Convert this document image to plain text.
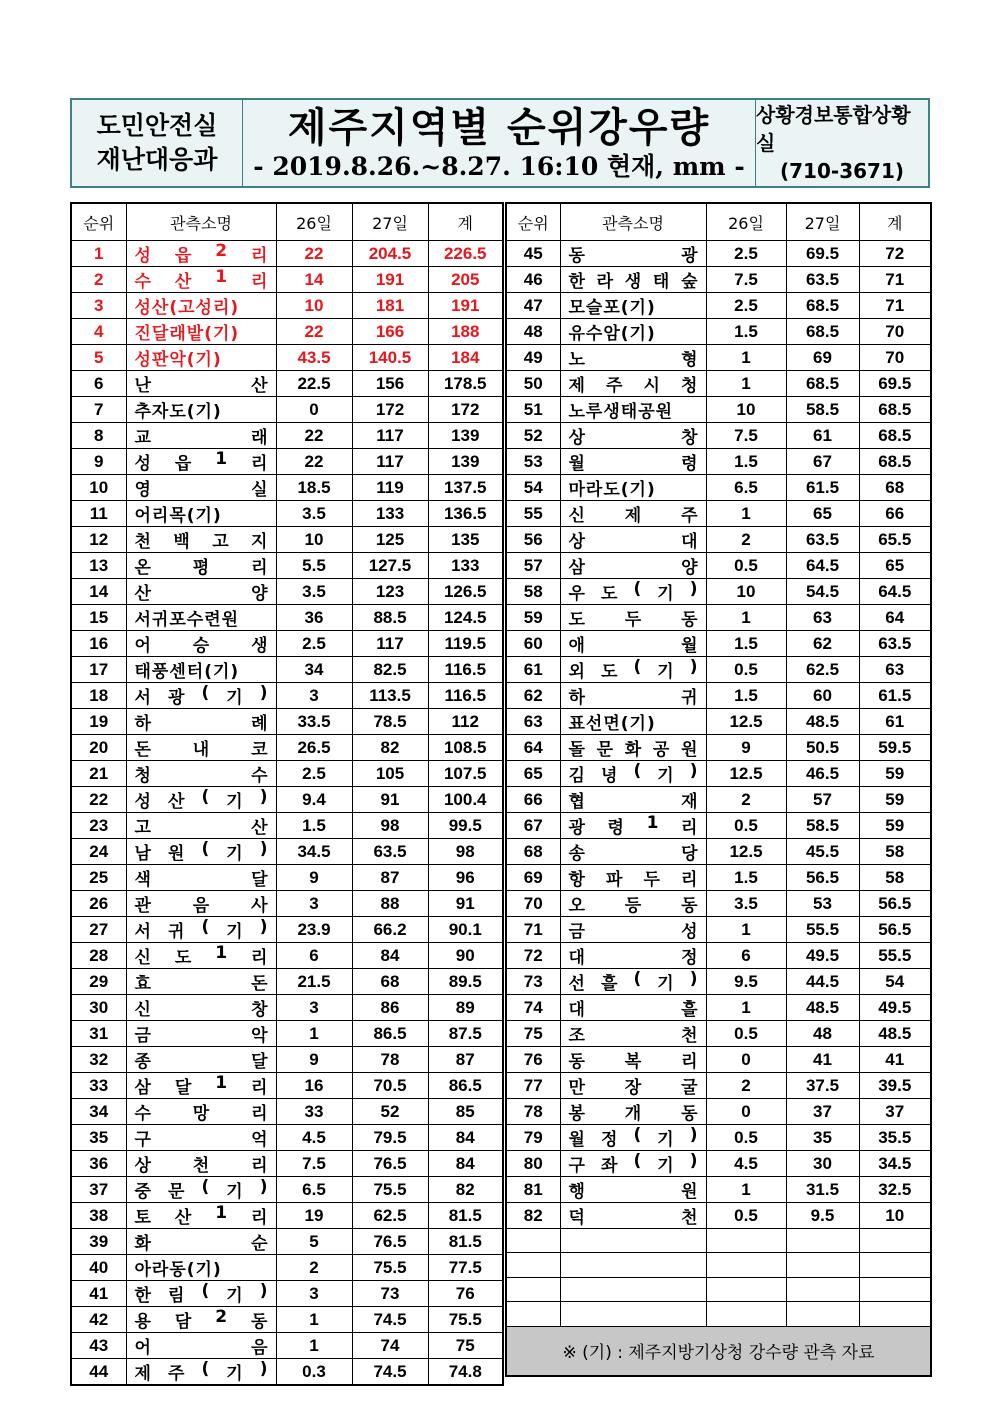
도민안전실
재난대응과
제주지역별 순위강우량
- 2019.8.26.~8.27. 16:10 현재, mm -
상황경보통합상황실
(710-3671)
순위	관측소명	26일	27일	계
1	성 읍 2 리	22	204.5	226.5
2	수 산 1 리	14	191	205
3	성산(고성리)	10	181	191
4	진달래밭(기)	22	166	188
5	성판악(기)	43.5	140.5	184
6	난 산	22.5	156	178.5
7	추자도(기)	0	172	172
8	교 래	22	117	139
9	성 읍 1 리	22	117	139
10	영 실	18.5	119	137.5
11	어리목(기)	3.5	133	136.5
12	천 백 고 지	10	125	135
13	온 평 리	5.5	127.5	133
14	산 양	3.5	123	126.5
15	서귀포수련원	36	88.5	124.5
16	어 승 생	2.5	117	119.5
17	태풍센터(기)	34	82.5	116.5
18	서 광 ( 기 )	3	113.5	116.5
19	하 례	33.5	78.5	112
20	돈 내 코	26.5	82	108.5
21	청 수	2.5	105	107.5
22	성 산 ( 기 )	9.4	91	100.4
23	고 산	1.5	98	99.5
24	남 원 ( 기 )	34.5	63.5	98
25	색 달	9	87	96
26	관 음 사	3	88	91
27	서 귀 ( 기 )	23.9	66.2	90.1
28	신 도 1 리	6	84	90
29	효 돈	21.5	68	89.5
30	신 창	3	86	89
31	금 악	1	86.5	87.5
32	종 달	9	78	87
33	삼 달 1 리	16	70.5	86.5
34	수 망 리	33	52	85
35	구 억	4.5	79.5	84
36	상 천 리	7.5	76.5	84
37	중 문 ( 기 )	6.5	75.5	82
38	토 산 1 리	19	62.5	81.5
39	화 순	5	76.5	81.5
40	아라동(기)	2	75.5	77.5
41	한 림 ( 기 )	3	73	76
42	용 담 2 동	1	74.5	75.5
43	어 음	1	74	75
44	제 주 ( 기 )	0.3	74.5	74.8
순위	관측소명	26일	27일	계
45	동 광	2.5	69.5	72
46	한 라 생 태 숲	7.5	63.5	71
47	모슬포(기)	2.5	68.5	71
48	유수암(기)	1.5	68.5	70
49	노 형	1	69	70
50	제 주 시 청	1	68.5	69.5
51	노루생태공원	10	58.5	68.5
52	상 창	7.5	61	68.5
53	월 령	1.5	67	68.5
54	마라도(기)	6.5	61.5	68
55	신 제 주	1	65	66
56	상 대	2	63.5	65.5
57	삼 양	0.5	64.5	65
58	우 도 ( 기 )	10	54.5	64.5
59	도 두 동	1	63	64
60	애 월	1.5	62	63.5
61	외 도 ( 기 )	0.5	62.5	63
62	하 귀	1.5	60	61.5
63	표선면(기)	12.5	48.5	61
64	돌 문 화 공 원	9	50.5	59.5
65	김 녕 ( 기 )	12.5	46.5	59
66	협 재	2	57	59
67	광 령 1 리	0.5	58.5	59
68	송 당	12.5	45.5	58
69	항 파 두 리	1.5	56.5	58
70	오 등 동	3.5	53	56.5
71	금 성	1	55.5	56.5
72	대 정	6	49.5	55.5
73	선 흘 ( 기 )	9.5	44.5	54
74	대 흘	1	48.5	49.5
75	조 천	0.5	48	48.5
76	동 복 리	0	41	41
77	만 장 굴	2	37.5	39.5
78	봉 개 동	0	37	37
79	월 정 ( 기 )	0.5	35	35.5
80	구 좌 ( 기 )	4.5	30	34.5
81	행 원	1	31.5	32.5
82	덕 천	0.5	9.5	10

※ (기) : 제주지방기상청 강수량 관측 자료				
